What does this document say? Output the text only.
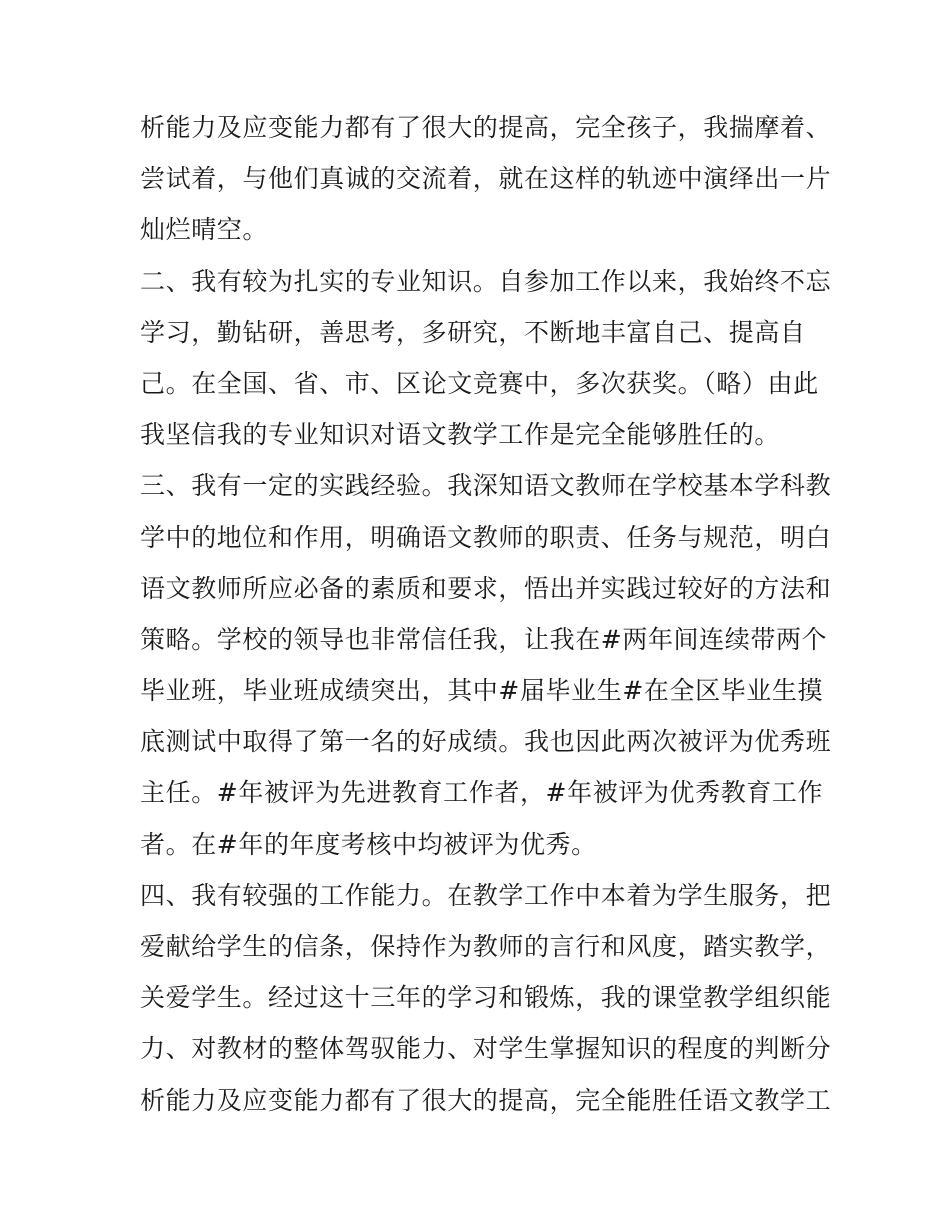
析能力及应变能力都有了很大的提高，完全孩子，我揣摩着、
尝试着，与他们真诚的交流着，就在这样的轨迹中演绎出一片
灿烂晴空。
二、我有较为扎实的专业知识。自参加工作以来，我始终不忘
学习，勤钻研，善思考，多研究，不断地丰富自己、提高自
己。在全国、省、市、区论文竞赛中，多次获奖。（略）由此
我坚信我的专业知识对语文教学工作是完全能够胜任的。
三、我有一定的实践经验。我深知语文教师在学校基本学科教
学中的地位和作用，明确语文教师的职责、任务与规范，明白
语文教师所应必备的素质和要求，悟出并实践过较好的方法和
策略。学校的领导也非常信任我，让我在#两年间连续带两个
毕业班，毕业班成绩突出，其中#届毕业生#在全区毕业生摸
底测试中取得了第一名的好成绩。我也因此两次被评为优秀班
主任。#年被评为先进教育工作者，#年被评为优秀教育工作
者。在#年的年度考核中均被评为优秀。
四、我有较强的工作能力。在教学工作中本着为学生服务，把
爱献给学生的信条，保持作为教师的言行和风度，踏实教学，
关爱学生。经过这十三年的学习和锻炼，我的课堂教学组织能
力、对教材的整体驾驭能力、对学生掌握知识的程度的判断分
析能力及应变能力都有了很大的提高，完全能胜任语文教学工
